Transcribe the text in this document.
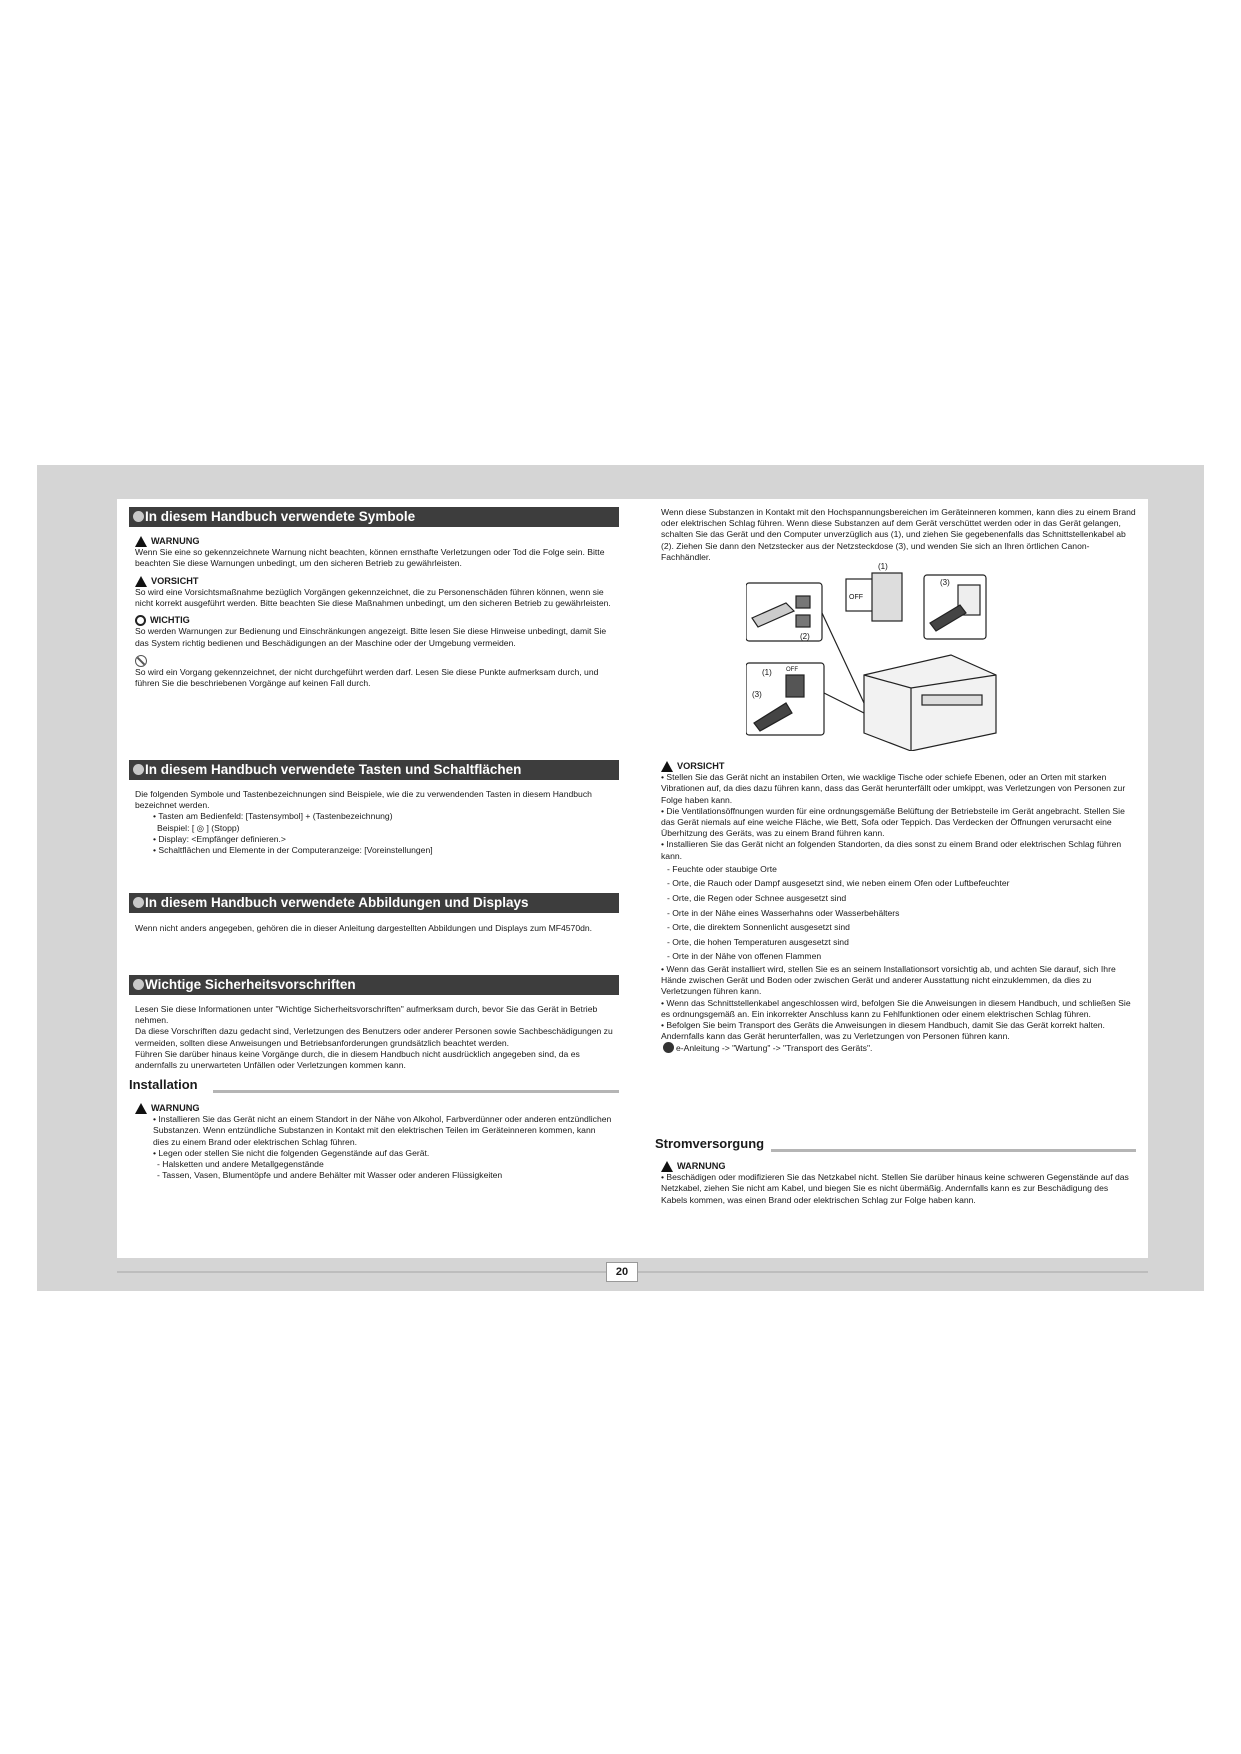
In diesem Handbuch verwendete Symbole
WARNUNG

Wenn Sie eine so gekennzeichnete Warnung nicht beachten, können ernsthafte Verletzungen oder Tod die Folge sein. Bitte beachten Sie diese Warnungen unbedingt, um den sicheren Betrieb zu gewährleisten.

VORSICHT

So wird eine Vorsichtsmaßnahme bezüglich Vorgängen gekennzeichnet, die zu Personenschäden führen können, wenn sie nicht korrekt ausgeführt werden. Bitte beachten Sie diese Maßnahmen unbedingt, um den sicheren Betrieb zu gewährleisten.

WICHTIG

So werden Warnungen zur Bedienung und Einschränkungen angezeigt. Bitte lesen Sie diese Hinweise unbedingt, damit Sie das System richtig bedienen und Beschädigungen an der Maschine oder der Umgebung vermeiden.

So wird ein Vorgang gekennzeichnet, der nicht durchgeführt werden darf. Lesen Sie diese Punkte aufmerksam durch, und führen Sie die beschriebenen Vorgänge auf keinen Fall durch.

In diesem Handbuch verwendete Tasten und Schaltflächen

Die folgenden Symbole und Tastenbezeichnungen sind Beispiele, wie die zu verwendenden Tasten in diesem Handbuch bezeichnet werden.

• Tasten am Bedienfeld: [Tastensymbol] + (Tastenbezeichnung)

Beispiel: [ ◎ ] (Stopp)

• Display: <Empfänger definieren.>

• Schaltflächen und Elemente in der Computeranzeige: [Voreinstellungen]

In diesem Handbuch verwendete Abbildungen und Displays

Wenn nicht anders angegeben, gehören die in dieser Anleitung dargestellten Abbildungen und Displays zum MF4570dn.

Wichtige Sicherheitsvorschriften

Lesen Sie diese Informationen unter "Wichtige Sicherheitsvorschriften" aufmerksam durch, bevor Sie das Gerät in Betrieb nehmen.

Da diese Vorschriften dazu gedacht sind, Verletzungen des Benutzers oder anderer Personen sowie Sachbeschädigungen zu vermeiden, sollten diese Anweisungen und Betriebsanforderungen grundsätzlich beachtet werden.

Führen Sie darüber hinaus keine Vorgänge durch, die in diesem Handbuch nicht ausdrücklich angegeben sind, da es andernfalls zu unerwarteten Unfällen oder Verletzungen kommen kann.

Installation
WARNUNG

• Installieren Sie das Gerät nicht an einem Standort in der Nähe von Alkohol, Farbverdünner oder anderen entzündlichen Substanzen. Wenn entzündliche Substanzen in Kontakt mit den elektrischen Teilen im Geräteinneren kommen, kann dies zu einem Brand oder elektrischen Schlag führen.

• Legen oder stellen Sie nicht die folgenden Gegenstände auf das Gerät.

- Halsketten und andere Metallgegenstände

- Tassen, Vasen, Blumentöpfe und andere Behälter mit Wasser oder anderen Flüssigkeiten

Wenn diese Substanzen in Kontakt mit den Hochspannungsbereichen im Geräteinneren kommen, kann dies zu einem Brand oder elektrischen Schlag führen. Wenn diese Substanzen auf dem Gerät verschüttet werden oder in das Gerät gelangen, schalten Sie das Gerät und den Computer unverzüglich aus (1), und ziehen Sie gegebenenfalls das Schnittstellenkabel ab (2). Ziehen Sie dann den Netzstecker aus der Netzsteckdose (3), und wenden Sie sich an Ihren örtlichen Canon-Fachhändler.
(1)
(2)
(3)
(1)
(3)
OFF
OFF
VORSICHT

• Stellen Sie das Gerät nicht an instabilen Orten, wie wacklige Tische oder schiefe Ebenen, oder an Orten mit starken Vibrationen auf, da dies dazu führen kann, dass das Gerät herunterfällt oder umkippt, was Verletzungen von Personen zur Folge haben kann.

• Die Ventilationsöffnungen wurden für eine ordnungsgemäße Belüftung der Betriebsteile im Gerät angebracht. Stellen Sie das Gerät niemals auf eine weiche Fläche, wie Bett, Sofa oder Teppich. Das Verdecken der Öffnungen verursacht eine Überhitzung des Geräts, was zu einem Brand führen kann.

• Installieren Sie das Gerät nicht an folgenden Standorten, da dies sonst zu einem Brand oder elektrischen Schlag führen kann.

- Feuchte oder staubige Orte

- Orte, die Rauch oder Dampf ausgesetzt sind, wie neben einem Ofen oder Luftbefeuchter

- Orte, die Regen oder Schnee ausgesetzt sind

- Orte in der Nähe eines Wasserhahns oder Wasserbehälters

- Orte, die direktem Sonnenlicht ausgesetzt sind

- Orte, die hohen Temperaturen ausgesetzt sind

- Orte in der Nähe von offenen Flammen

• Wenn das Gerät installiert wird, stellen Sie es an seinem Installationsort vorsichtig ab, und achten Sie darauf, sich Ihre Hände zwischen Gerät und Boden oder zwischen Gerät und anderer Ausstattung nicht einzuklemmen, da dies zu Verletzungen führen kann.

• Wenn das Schnittstellenkabel angeschlossen wird, befolgen Sie die Anweisungen in diesem Handbuch, und schließen Sie es ordnungsgemäß an. Ein inkorrekter Anschluss kann zu Fehlfunktionen oder einem elektrischen Schlag führen.

• Befolgen Sie beim Transport des Geräts die Anweisungen in diesem Handbuch, damit Sie das Gerät korrekt halten. Andernfalls kann das Gerät herunterfallen, was zu Verletzungen von Personen führen kann.

e-Anleitung -> "Wartung" -> "Transport des Geräts".

Stromversorgung
WARNUNG

• Beschädigen oder modifizieren Sie das Netzkabel nicht. Stellen Sie darüber hinaus keine schweren Gegenstände auf das Netzkabel, ziehen Sie nicht am Kabel, und biegen Sie es nicht übermäßig. Andernfalls kann es zur Beschädigung des Kabels kommen, was einen Brand oder elektrischen Schlag zur Folge haben kann.

20
